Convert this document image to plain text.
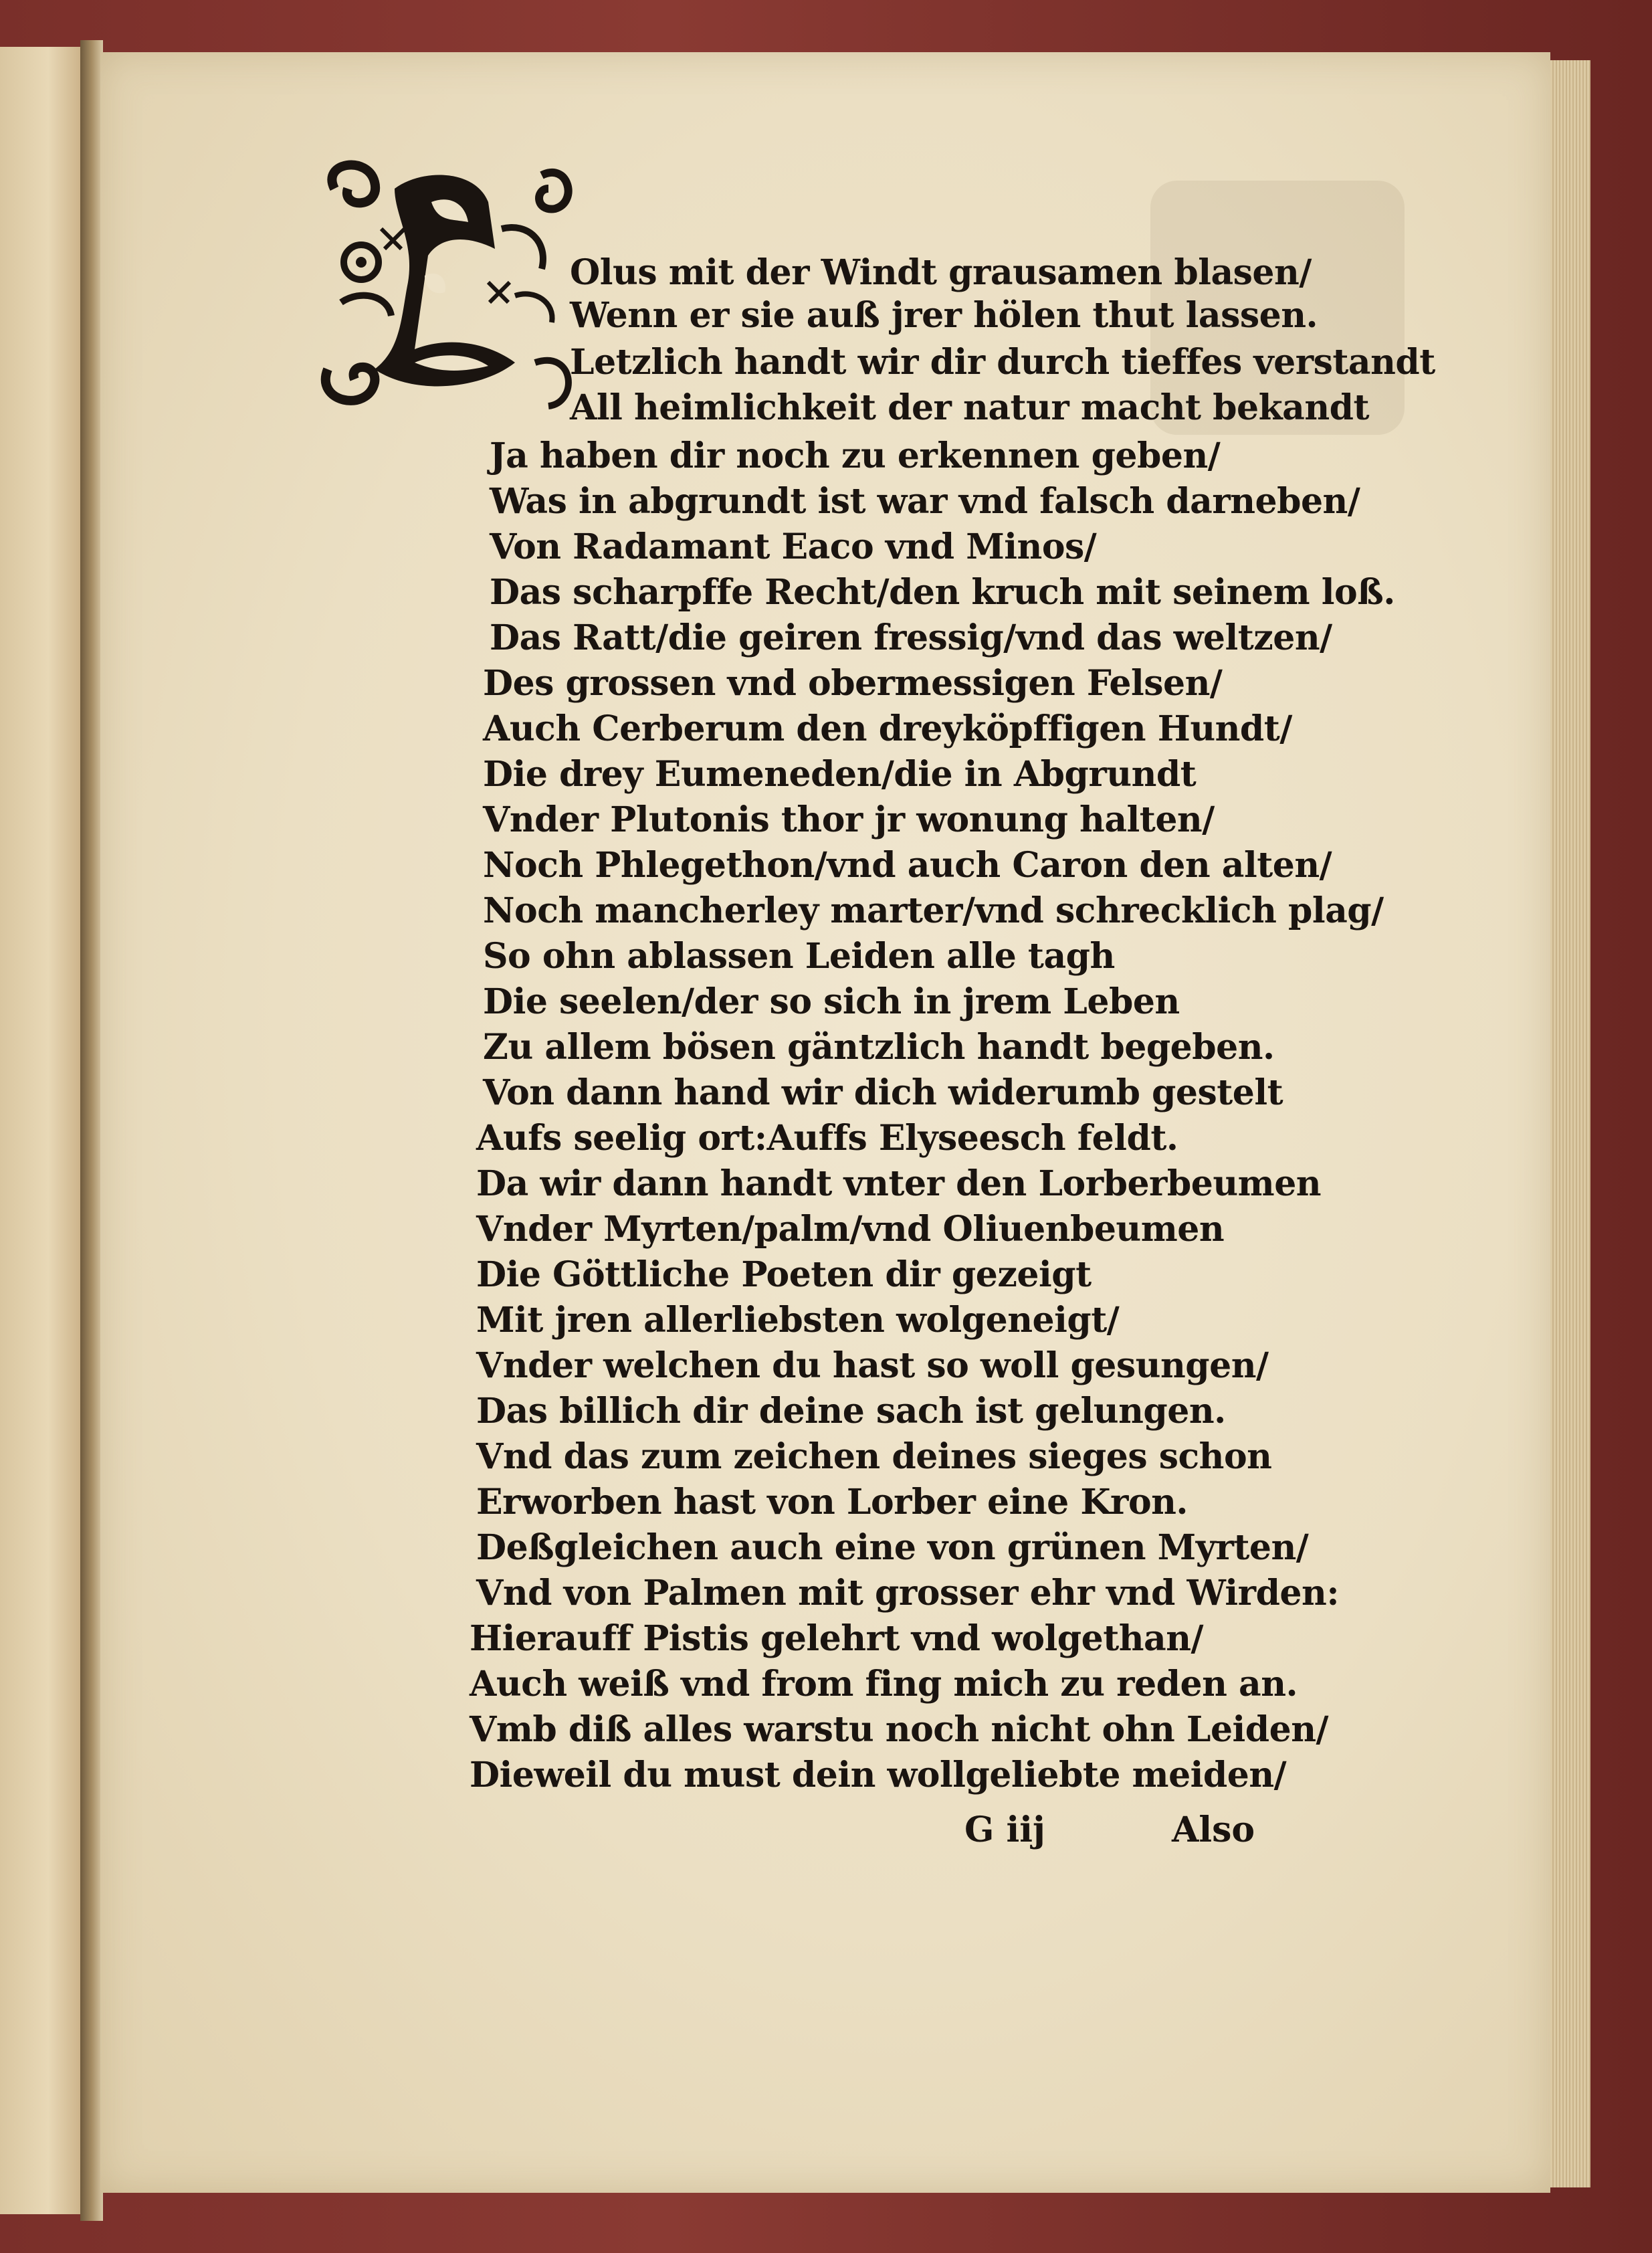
Olus mit der Windt grausamen blasen/
Wenn er sie auß jrer hölen thut lassen.
Letzlich handt wir dir durch tieffes verstandt
All heimlichkeit der natur macht bekandt
Ja haben dir noch zu erkennen geben/
Was in abgrundt ist war vnd falsch darneben/
Von Radamant Eaco vnd Minos/
Das scharpffe Recht/den kruch mit seinem loß.
Das Ratt/die geiren fressig/vnd das weltzen/
Des grossen vnd obermessigen Felsen/
Auch Cerberum den dreyköpffigen Hundt/
Die drey Eumeneden/die in Abgrundt
Vnder Plutonis thor jr wonung halten/
Noch Phlegethon/vnd auch Caron den alten/
Noch mancherley marter/vnd schrecklich plag/
So ohn ablassen Leiden alle tagh
Die seelen/der so sich in jrem Leben
Zu allem bösen gäntzlich handt begeben.
Von dann hand wir dich widerumb gestelt
Aufs seelig ort:Auffs Elyseesch feldt.
Da wir dann handt vnter den Lorberbeumen
Vnder Myrten/palm/vnd Oliuenbeumen
Die Göttliche Poeten dir gezeigt
Mit jren allerliebsten wolgeneigt/
Vnder welchen du hast so woll gesungen/
Das billich dir deine sach ist gelungen.
Vnd das zum zeichen deines sieges schon
Erworben hast von Lorber eine Kron.
Deßgleichen auch eine von grünen Myrten/
Vnd von Palmen mit grosser ehr vnd Wirden:
Hierauff Pistis gelehrt vnd wolgethan/
Auch weiß vnd from fing mich zu reden an.
Vmb diß alles warstu noch nicht ohn Leiden/
Dieweil du must dein wollgeliebte meiden/
G iij	Also
